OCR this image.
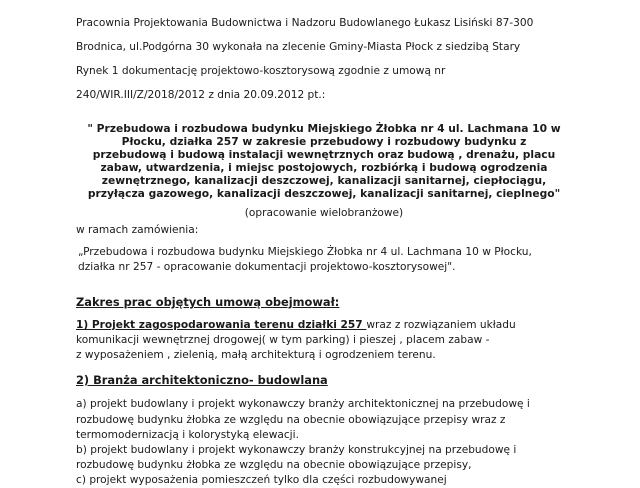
Pracownia Projektowania Budownictwa i Nadzoru Budowlanego Łukasz Lisiński 87-300
Brodnica, ul.Podgórna 30 wykonała na zlecenie Gminy-Miasta Płock z siedzibą Stary
Rynek 1 dokumentację projektowo-kosztorysową zgodnie z umową nr
240/WIR.III/Z/2018/2012 z dnia 20.09.2012 pt.:
" Przebudowa i rozbudowa budynku Miejskiego Żłobka nr 4 ul. Lachmana 10 w
Płocku, działka 257 w zakresie przebudowy i rozbudowy budynku z
przebudową i budową instalacji wewnętrznych oraz budową , drenażu, placu
zabaw, utwardzenia, i miejsc postojowych, rozbiórką i budową ogrodzenia
zewnętrznego, kanalizacji deszczowej, kanalizacji sanitarnej, ciepłociągu,
przyłącza gazowego, kanalizacji deszczowej, kanalizacji sanitarnej, cieplnego"
(opracowanie wielobranżowe)
w ramach zamówienia:
„Przebudowa i rozbudowa budynku Miejskiego Żłobka nr 4 ul. Lachmana 10 w Płocku,
działka nr 257 - opracowanie dokumentacji projektowo-kosztorysowej".
Zakres prac objętych umową obejmował:
1) Projekt zagospodarowania terenu działki 257 wraz z rozwiązaniem układu
komunikacji wewnętrznej drogowej( w tym parking) i pieszej , placem zabaw -
z wyposażeniem , zielenią, małą architekturą i ogrodzeniem terenu.
2) Branża architektoniczno- budowlana
a) projekt budowlany i projekt wykonawczy branży architektonicznej na przebudowę i
rozbudowę budynku żłobka ze względu na obecnie obowiązujące przepisy wraz z
termomodernizacją i kolorystyką elewacji.
b) projekt budowlany i projekt wykonawczy branży konstrukcyjnej na przebudowę i
rozbudowę budynku żłobka ze względu na obecnie obowiązujące przepisy,
c) projekt wyposażenia pomieszczeń tylko dla części rozbudowywanej
